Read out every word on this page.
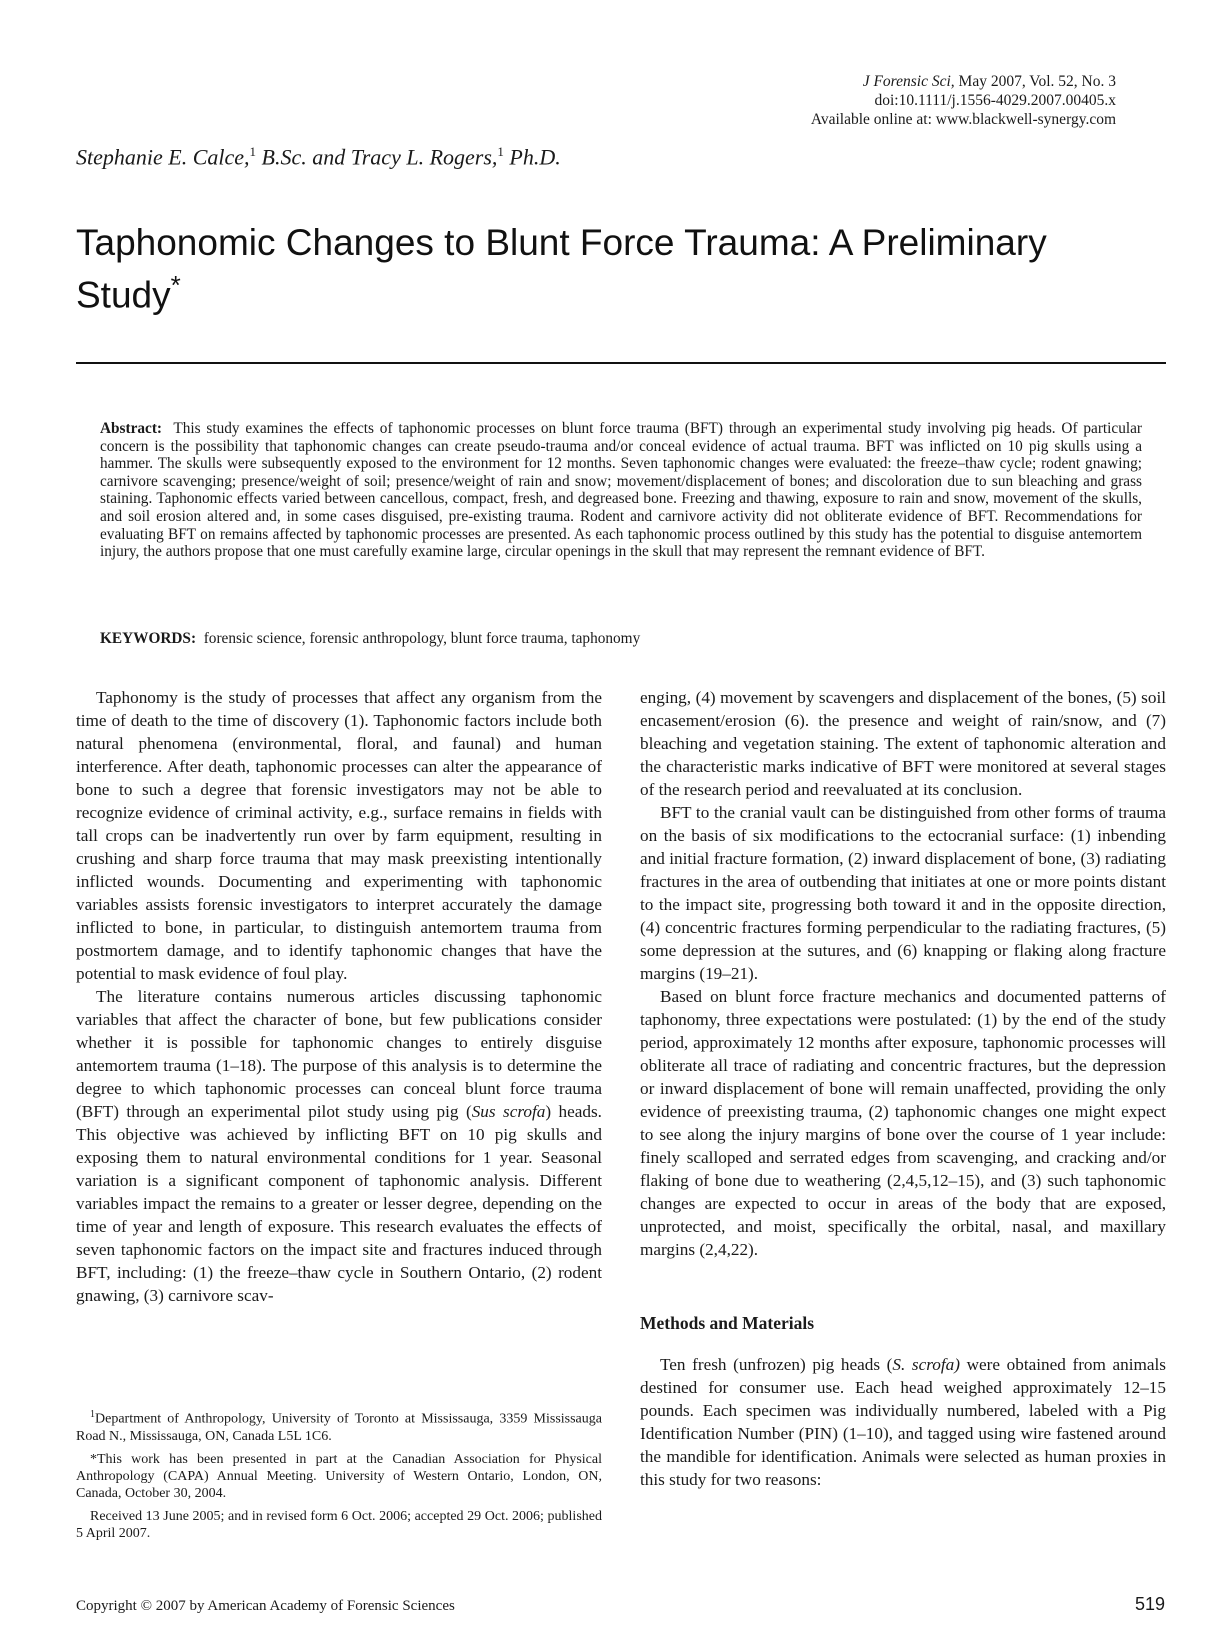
J Forensic Sci, May 2007, Vol. 52, No. 3
doi:10.1111/j.1556-4029.2007.00405.x
Available online at: www.blackwell-synergy.com
Stephanie E. Calce,$^1$ B.Sc. and Tracy L. Rogers,$^1$ Ph.D.
Taphonomic Changes to Blunt Force Trauma: A Preliminary Study*

Abstract: This study examines the effects of taphonomic processes on blunt force trauma (BFT) through an experimental study involving pig heads. Of particular concern is the possibility that taphonomic changes can create pseudo-trauma and/or conceal evidence of actual trauma. BFT was inflicted on 10 pig skulls using a hammer. The skulls were subsequently exposed to the environment for 12 months. Seven taphonomic changes were evaluated: the freeze–thaw cycle; rodent gnawing; carnivore scavenging; presence/weight of soil; presence/weight of rain and snow; movement/displacement of bones; and discoloration due to sun bleaching and grass staining. Taphonomic effects varied between cancellous, compact, fresh, and degreased bone. Freezing and thawing, exposure to rain and snow, movement of the skulls, and soil erosion altered and, in some cases disguised, pre-existing trauma. Rodent and carnivore activity did not obliterate evidence of BFT. Recommendations for evaluating BFT on remains affected by taphonomic processes are presented. As each taphonomic process outlined by this study has the potential to disguise antemortem injury, the authors propose that one must carefully examine large, circular openings in the skull that may represent the remnant evidence of BFT.

KEYWORDS: forensic science, forensic anthropology, blunt force trauma, taphonomy

Taphonomy is the study of processes that affect any organism from the time of death to the time of discovery (1). Taphonomic factors include both natural phenomena (environmental, floral, and faunal) and human interference. After death, taphonomic processes can alter the appearance of bone to such a degree that forensic investigators may not be able to recognize evidence of criminal activity, e.g., surface remains in fields with tall crops can be inadvertently run over by farm equipment, resulting in crushing and sharp force trauma that may mask preexisting intentionally inflicted wounds. Documenting and experimenting with taphonomic variables assists forensic investigators to interpret accurately the damage inflicted to bone, in particular, to distinguish antemortem trauma from postmortem damage, and to identify taphonomic changes that have the potential to mask evidence of foul play.

The literature contains numerous articles discussing taphonomic variables that affect the character of bone, but few publications consider whether it is possible for taphonomic changes to entirely disguise antemortem trauma (1–18). The purpose of this analysis is to determine the degree to which taphonomic processes can conceal blunt force trauma (BFT) through an experimental pilot study using pig (Sus scrofa) heads. This objective was achieved by inflicting BFT on 10 pig skulls and exposing them to natural environmental conditions for 1 year. Seasonal variation is a significant component of taphonomic analysis. Different variables impact the remains to a greater or lesser degree, depending on the time of year and length of exposure. This research evaluates the effects of seven taphonomic factors on the impact site and fractures induced through BFT, including: (1) the freeze–thaw cycle in Southern Ontario, (2) rodent gnawing, (3) carnivore scav-

enging, (4) movement by scavengers and displacement of the bones, (5) soil encasement/erosion (6). the presence and weight of rain/snow, and (7) bleaching and vegetation staining. The extent of taphonomic alteration and the characteristic marks indicative of BFT were monitored at several stages of the research period and reevaluated at its conclusion.

BFT to the cranial vault can be distinguished from other forms of trauma on the basis of six modifications to the ectocranial surface: (1) inbending and initial fracture formation, (2) inward displacement of bone, (3) radiating fractures in the area of outbending that initiates at one or more points distant to the impact site, progressing both toward it and in the opposite direction, (4) concentric fractures forming perpendicular to the radiating fractures, (5) some depression at the sutures, and (6) knapping or flaking along fracture margins (19–21).

Based on blunt force fracture mechanics and documented patterns of taphonomy, three expectations were postulated: (1) by the end of the study period, approximately 12 months after exposure, taphonomic processes will obliterate all trace of radiating and concentric fractures, but the depression or inward displacement of bone will remain unaffected, providing the only evidence of preexisting trauma, (2) taphonomic changes one might expect to see along the injury margins of bone over the course of 1 year include: finely scalloped and serrated edges from scavenging, and cracking and/or flaking of bone due to weathering (2,4,5,12–15), and (3) such taphonomic changes are expected to occur in areas of the body that are exposed, unprotected, and moist, specifically the orbital, nasal, and maxillary margins (2,4,22).

Methods and Materials

Ten fresh (unfrozen) pig heads (S. scrofa) were obtained from animals destined for consumer use. Each head weighed approximately 12–15 pounds. Each specimen was individually numbered, labeled with a Pig Identification Number (PIN) (1–10), and tagged using wire fastened around the mandible for identification. Animals were selected as human proxies in this study for two reasons:

$^1$Department of Anthropology, University of Toronto at Mississauga, 3359 Mississauga Road N., Mississauga, ON, Canada L5L 1C6.

*This work has been presented in part at the Canadian Association for Physical Anthropology (CAPA) Annual Meeting. University of Western Ontario, London, ON, Canada, October 30, 2004.

Received 13 June 2005; and in revised form 6 Oct. 2006; accepted 29 Oct. 2006; published 5 April 2007.

Copyright © 2007 by American Academy of Forensic Sciences	519
